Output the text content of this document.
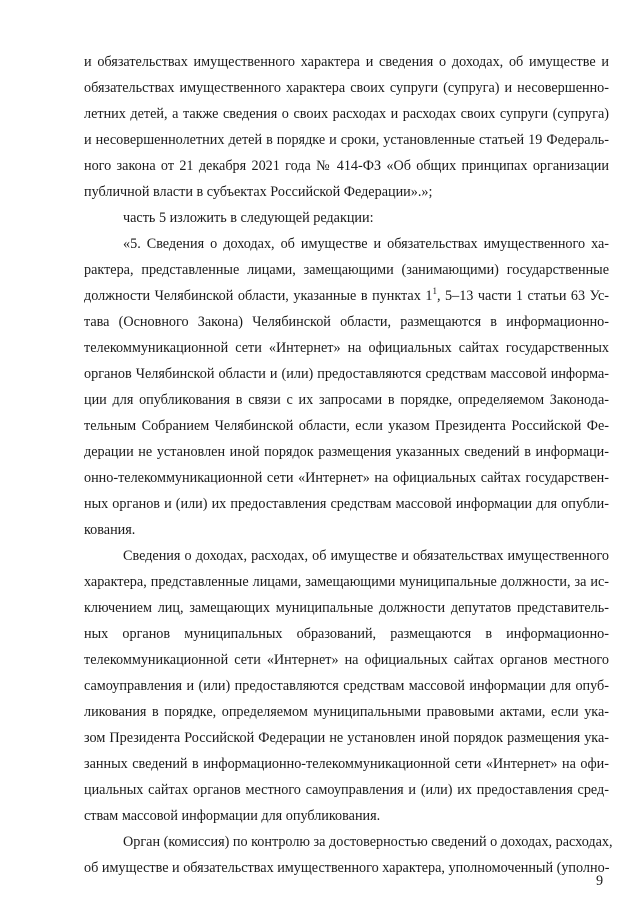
и обязательствах имущественного характера и сведения о доходах, об имуществе и
обязательствах имущественного характера своих супруги (супруга) и несовершенно-
летних детей, а также сведения о своих расходах и расходах своих супруги (супруга)
и несовершеннолетних детей в порядке и сроки, установленные статьей 19 Федераль-
ного закона от 21 декабря 2021 года № 414-ФЗ «Об общих принципах организации
публичной власти в субъектах Российской Федерации».»;
часть 5 изложить в следующей редакции:
«5. Сведения о доходах, об имуществе и обязательствах имущественного ха-
рактера, представленные лицами, замещающими (занимающими) государственные
должности Челябинской области, указанные в пунктах $1^1$, 5–13 части 1 статьи 63 Ус-
тава (Основного Закона) Челябинской области, размещаются в информационно-
телекоммуникационной сети «Интернет» на официальных сайтах государственных
органов Челябинской области и (или) предоставляются средствам массовой информа-
ции для опубликования в связи с их запросами в порядке, определяемом Законода-
тельным Собранием Челябинской области, если указом Президента Российской Фе-
дерации не установлен иной порядок размещения указанных сведений в информаци-
онно-телекоммуникационной сети «Интернет» на официальных сайтах государствен-
ных органов и (или) их предоставления средствам массовой информации для опубли-
кования.
Сведения о доходах, расходах, об имуществе и обязательствах имущественного
характера, представленные лицами, замещающими муниципальные должности, за ис-
ключением лиц, замещающих муниципальные должности депутатов представитель-
ных органов муниципальных образований, размещаются в информационно-
телекоммуникационной сети «Интернет» на официальных сайтах органов местного
самоуправления и (или) предоставляются средствам массовой информации для опуб-
ликования в порядке, определяемом муниципальными правовыми актами, если ука-
зом Президента Российской Федерации не установлен иной порядок размещения ука-
занных сведений в информационно-телекоммуникационной сети «Интернет» на офи-
циальных сайтах органов местного самоуправления и (или) их предоставления сред-
ствам массовой информации для опубликования.
Орган (комиссия) по контролю за достоверностью сведений о доходах, расходах,
об имуществе и обязательствах имущественного характера, уполномоченный (уполно-
9
